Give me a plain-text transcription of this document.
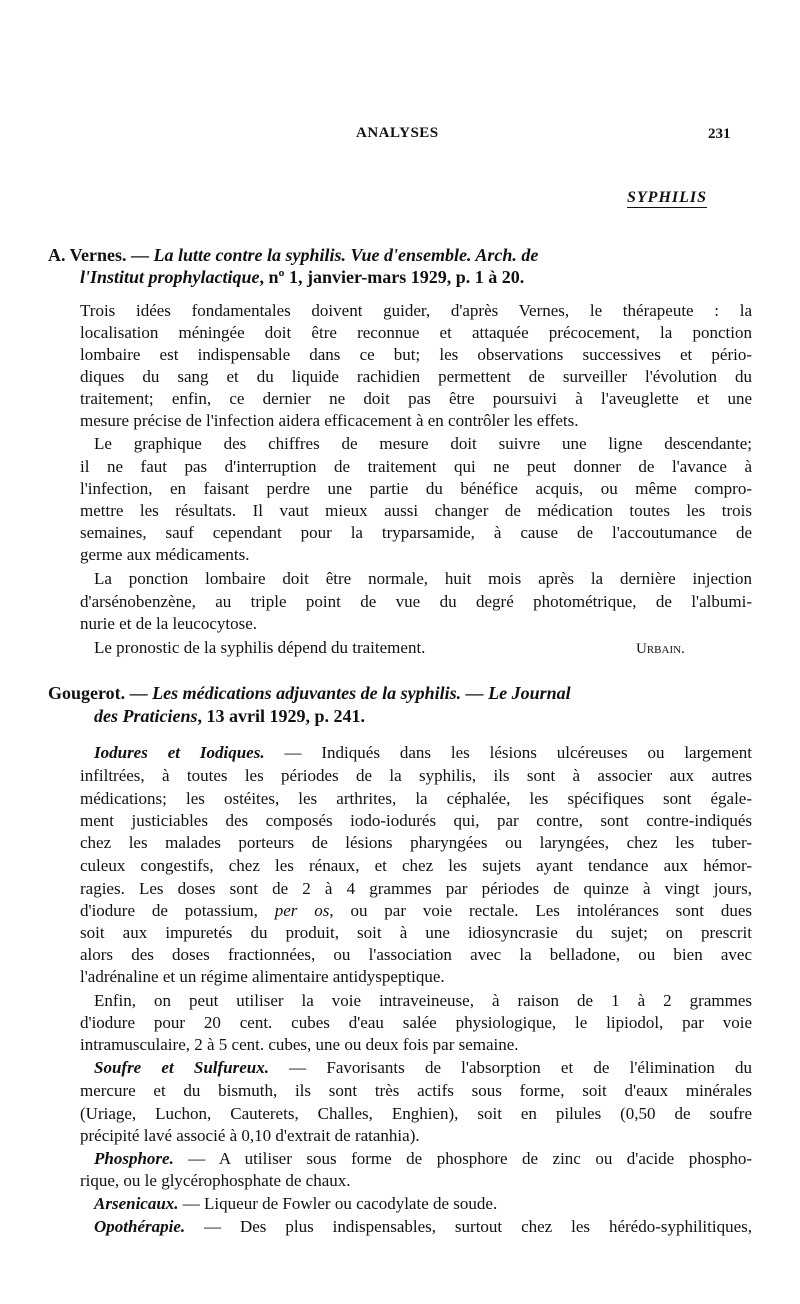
ANALYSES	231
SYPHILIS
A. Vernes. — La lutte contre la syphilis. Vue d'ensemble. Arch. de
l'Institut prophylactique, nº 1, janvier-mars 1929, p. 1 à 20.
Trois idées fondamentales doivent guider, d'après Vernes, le thérapeute : la
localisation méningée doit être reconnue et attaquée précocement, la ponction
lombaire est indispensable dans ce but; les observations successives et pério-
diques du sang et du liquide rachidien permettent de surveiller l'évolution du
traitement; enfin, ce dernier ne doit pas être poursuivi à l'aveuglette et une
mesure précise de l'infection aidera efficacement à en contrôler les effets.
Le graphique des chiffres de mesure doit suivre une ligne descendante;
il ne faut pas d'interruption de traitement qui ne peut donner de l'avance à
l'infection, en faisant perdre une partie du bénéfice acquis, ou même compro-
mettre les résultats. Il vaut mieux aussi changer de médication toutes les trois
semaines, sauf cependant pour la tryparsamide, à cause de l'accoutumance de
germe aux médicaments.
La ponction lombaire doit être normale, huit mois après la dernière injection
d'arsénobenzène, au triple point de vue du degré photométrique, de l'albumi-
nurie et de la leucocytose.
Le pronostic de la syphilis dépend du traitement.	Urbain.
Gougerot. — Les médications adjuvantes de la syphilis. — Le Journal
des Praticiens, 13 avril 1929, p. 241.
Iodures et Iodiques. — Indiqués dans les lésions ulcéreuses ou largement
infiltrées, à toutes les périodes de la syphilis, ils sont à associer aux autres
médications; les ostéites, les arthrites, la céphalée, les spécifiques sont égale-
ment justiciables des composés iodo-iodurés qui, par contre, sont contre-indiqués
chez les malades porteurs de lésions pharyngées ou laryngées, chez les tuber-
culeux congestifs, chez les rénaux, et chez les sujets ayant tendance aux hémor-
ragies. Les doses sont de 2 à 4 grammes par périodes de quinze à vingt jours,
d'iodure de potassium, per os, ou par voie rectale. Les intolérances sont dues
soit aux impuretés du produit, soit à une idiosyncrasie du sujet; on prescrit
alors des doses fractionnées, ou l'association avec la belladone, ou bien avec
l'adrénaline et un régime alimentaire antidyspeptique.
Enfin, on peut utiliser la voie intraveineuse, à raison de 1 à 2 grammes
d'iodure pour 20 cent. cubes d'eau salée physiologique, le lipiodol, par voie
intramusculaire, 2 à 5 cent. cubes, une ou deux fois par semaine.
Soufre et Sulfureux. — Favorisants de l'absorption et de l'élimination du
mercure et du bismuth, ils sont très actifs sous forme, soit d'eaux minérales
(Uriage, Luchon, Cauterets, Challes, Enghien), soit en pilules (0,50 de soufre
précipité lavé associé à 0,10 d'extrait de ratanhia).
Phosphore. — A utiliser sous forme de phosphore de zinc ou d'acide phospho-
rique, ou le glycérophosphate de chaux.
Arsenicaux. — Liqueur de Fowler ou cacodylate de soude.
Opothérapie. — Des plus indispensables, surtout chez les hérédo-syphilitiques,
